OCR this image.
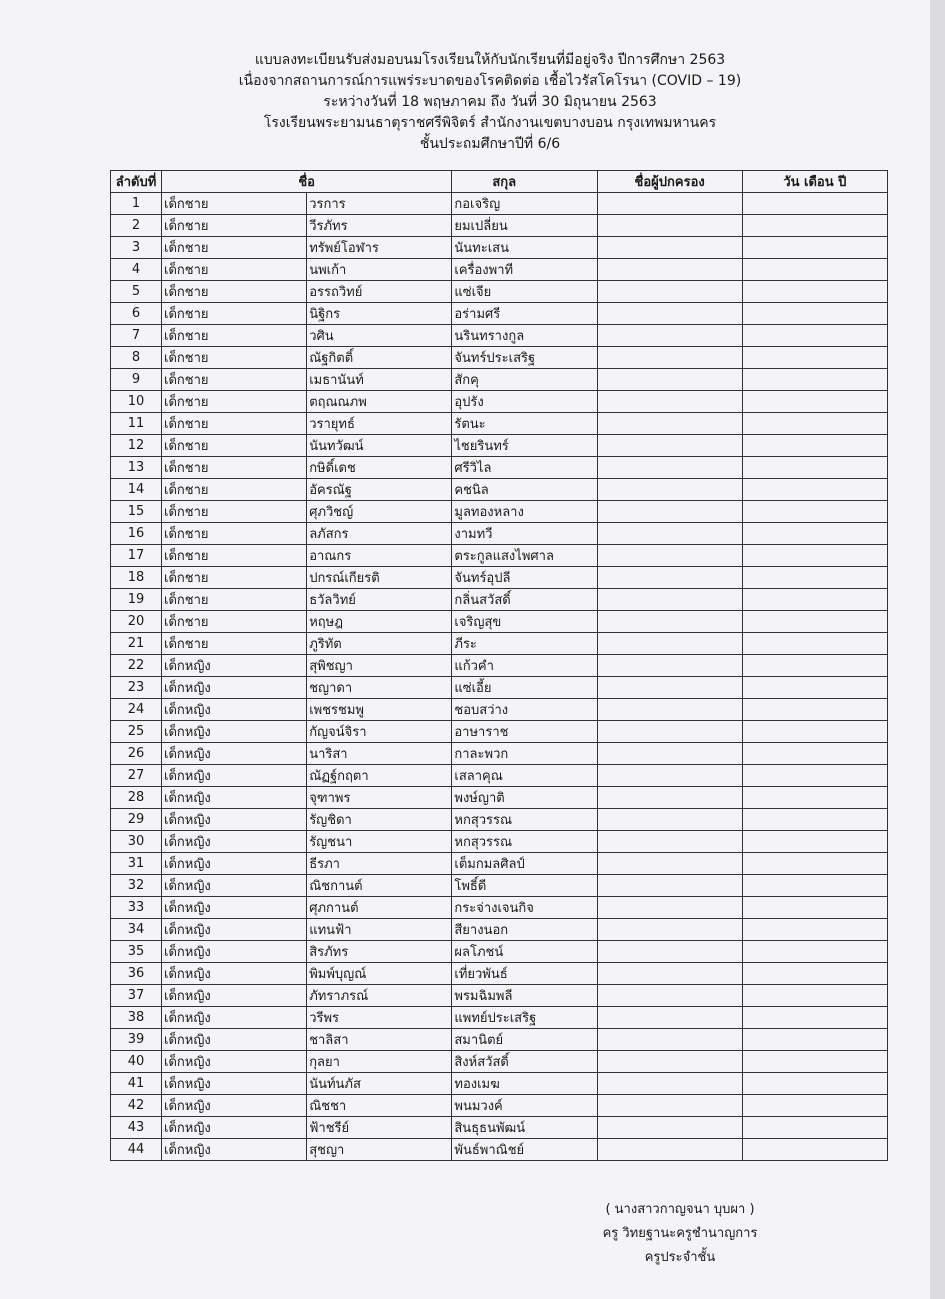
แบบลงทะเบียนรับส่งมอบนมโรงเรียนให้กับนักเรียนที่มีอยู่จริง ปีการศึกษา 2563
เนื่องจากสถานการณ์การแพร่ระบาดของโรคติดต่อ เชื้อไวรัสโคโรนา (COVID – 19)
ระหว่างวันที่ 18 พฤษภาคม ถึง วันที่ 30 มิถุนายน 2563
โรงเรียนพระยามนธาตุราชศรีพิจิตร์ สำนักงานเขตบางบอน กรุงเทพมหานคร
ชั้นประถมศึกษาปีที่ 6/6
ลำดับที่	ชื่อ		สกุล	ชื่อผู้ปกครอง	วัน เดือน ปี
1	เด็กชาย	วรการ	กอเจริญ		
2	เด็กชาย	วีรภัทร	ยมเปลี่ยน		
3	เด็กชาย	ทรัพย์โอฬาร	นันทะเสน		
4	เด็กชาย	นพเก้า	เครื่องพาที		
5	เด็กชาย	อรรถวิทย์	แซ่เจีย		
6	เด็กชาย	นิฐิกร	อร่ามศรี		
7	เด็กชาย	วศิน	นรินทรางกูล		
8	เด็กชาย	ณัฐกิตติ์	จันทร์ประเสริฐ		
9	เด็กชาย	เมธานันท์	สักคุ		
10	เด็กชาย	ตฤณณภพ	อุปรัง		
11	เด็กชาย	วรายุทธ์	รัตนะ		
12	เด็กชาย	นันทวัฒน์	ไชยรินทร์		
13	เด็กชาย	กษิดิ์เดช	ศรีวิไล		
14	เด็กชาย	อัครณัฐ	คชนิล		
15	เด็กชาย	ศุภวิชญ์	มูลทองหลาง		
16	เด็กชาย	ลภัสกร	งามทวี		
17	เด็กชาย	อาณกร	ตระกูลแสงไพศาล		
18	เด็กชาย	ปกรณ์เกียรติ	จันทร์อุปลี		
19	เด็กชาย	ธวัลวิทย์	กลิ่นสวัสดิ์		
20	เด็กชาย	หฤษฎ	เจริญสุข		
21	เด็กชาย	ภูริทัต	ภีระ		
22	เด็กหญิง	สุพิชญา	แก้วคำ		
23	เด็กหญิง	ชญาดา	แซ่เอี้ย		
24	เด็กหญิง	เพชรชมพู	ชอบสว่าง		
25	เด็กหญิง	กัญจน์จิรา	อาษาราช		
26	เด็กหญิง	นาริสา	กาละพวก		
27	เด็กหญิง	ณัฏฐ์กฤตา	เสลาคุณ		
28	เด็กหญิง	จุฑาพร	พงษ์ญาติ		
29	เด็กหญิง	รัญชิดา	หกสุวรรณ		
30	เด็กหญิง	รัญชนา	หกสุวรรณ		
31	เด็กหญิง	ธีรภา	เต็มกมลศิลป์		
32	เด็กหญิง	ณิชกานต์	โพธิ์ดี		
33	เด็กหญิง	ศุภกานต์	กระจ่างเจนกิจ		
34	เด็กหญิง	แทนฟ้า	สียางนอก		
35	เด็กหญิง	สิรภัทร	ผลโภชน์		
36	เด็กหญิง	พิมพ์บุญณ์	เที่ยวพันธ์		
37	เด็กหญิง	ภัทราภรณ์	พรมฉิมพลี		
38	เด็กหญิง	วรีพร	แพทย์ประเสริฐ		
39	เด็กหญิง	ชาลิสา	สมานิตย์		
40	เด็กหญิง	กุลยา	สิงห์สวัสดิ์		
41	เด็กหญิง	นันท์นภัส	ทองเมฆ		
42	เด็กหญิง	ณิชชา	พนมวงค์		
43	เด็กหญิง	ฟ้าชรีย์	สินธุธนพัฒน์		
44	เด็กหญิง	สุชญา	พันธ์พาณิชย์		
( นางสาวกาญจนา บุบผา )
ครู วิทยฐานะครูชำนาญการ
ครูประจำชั้น
